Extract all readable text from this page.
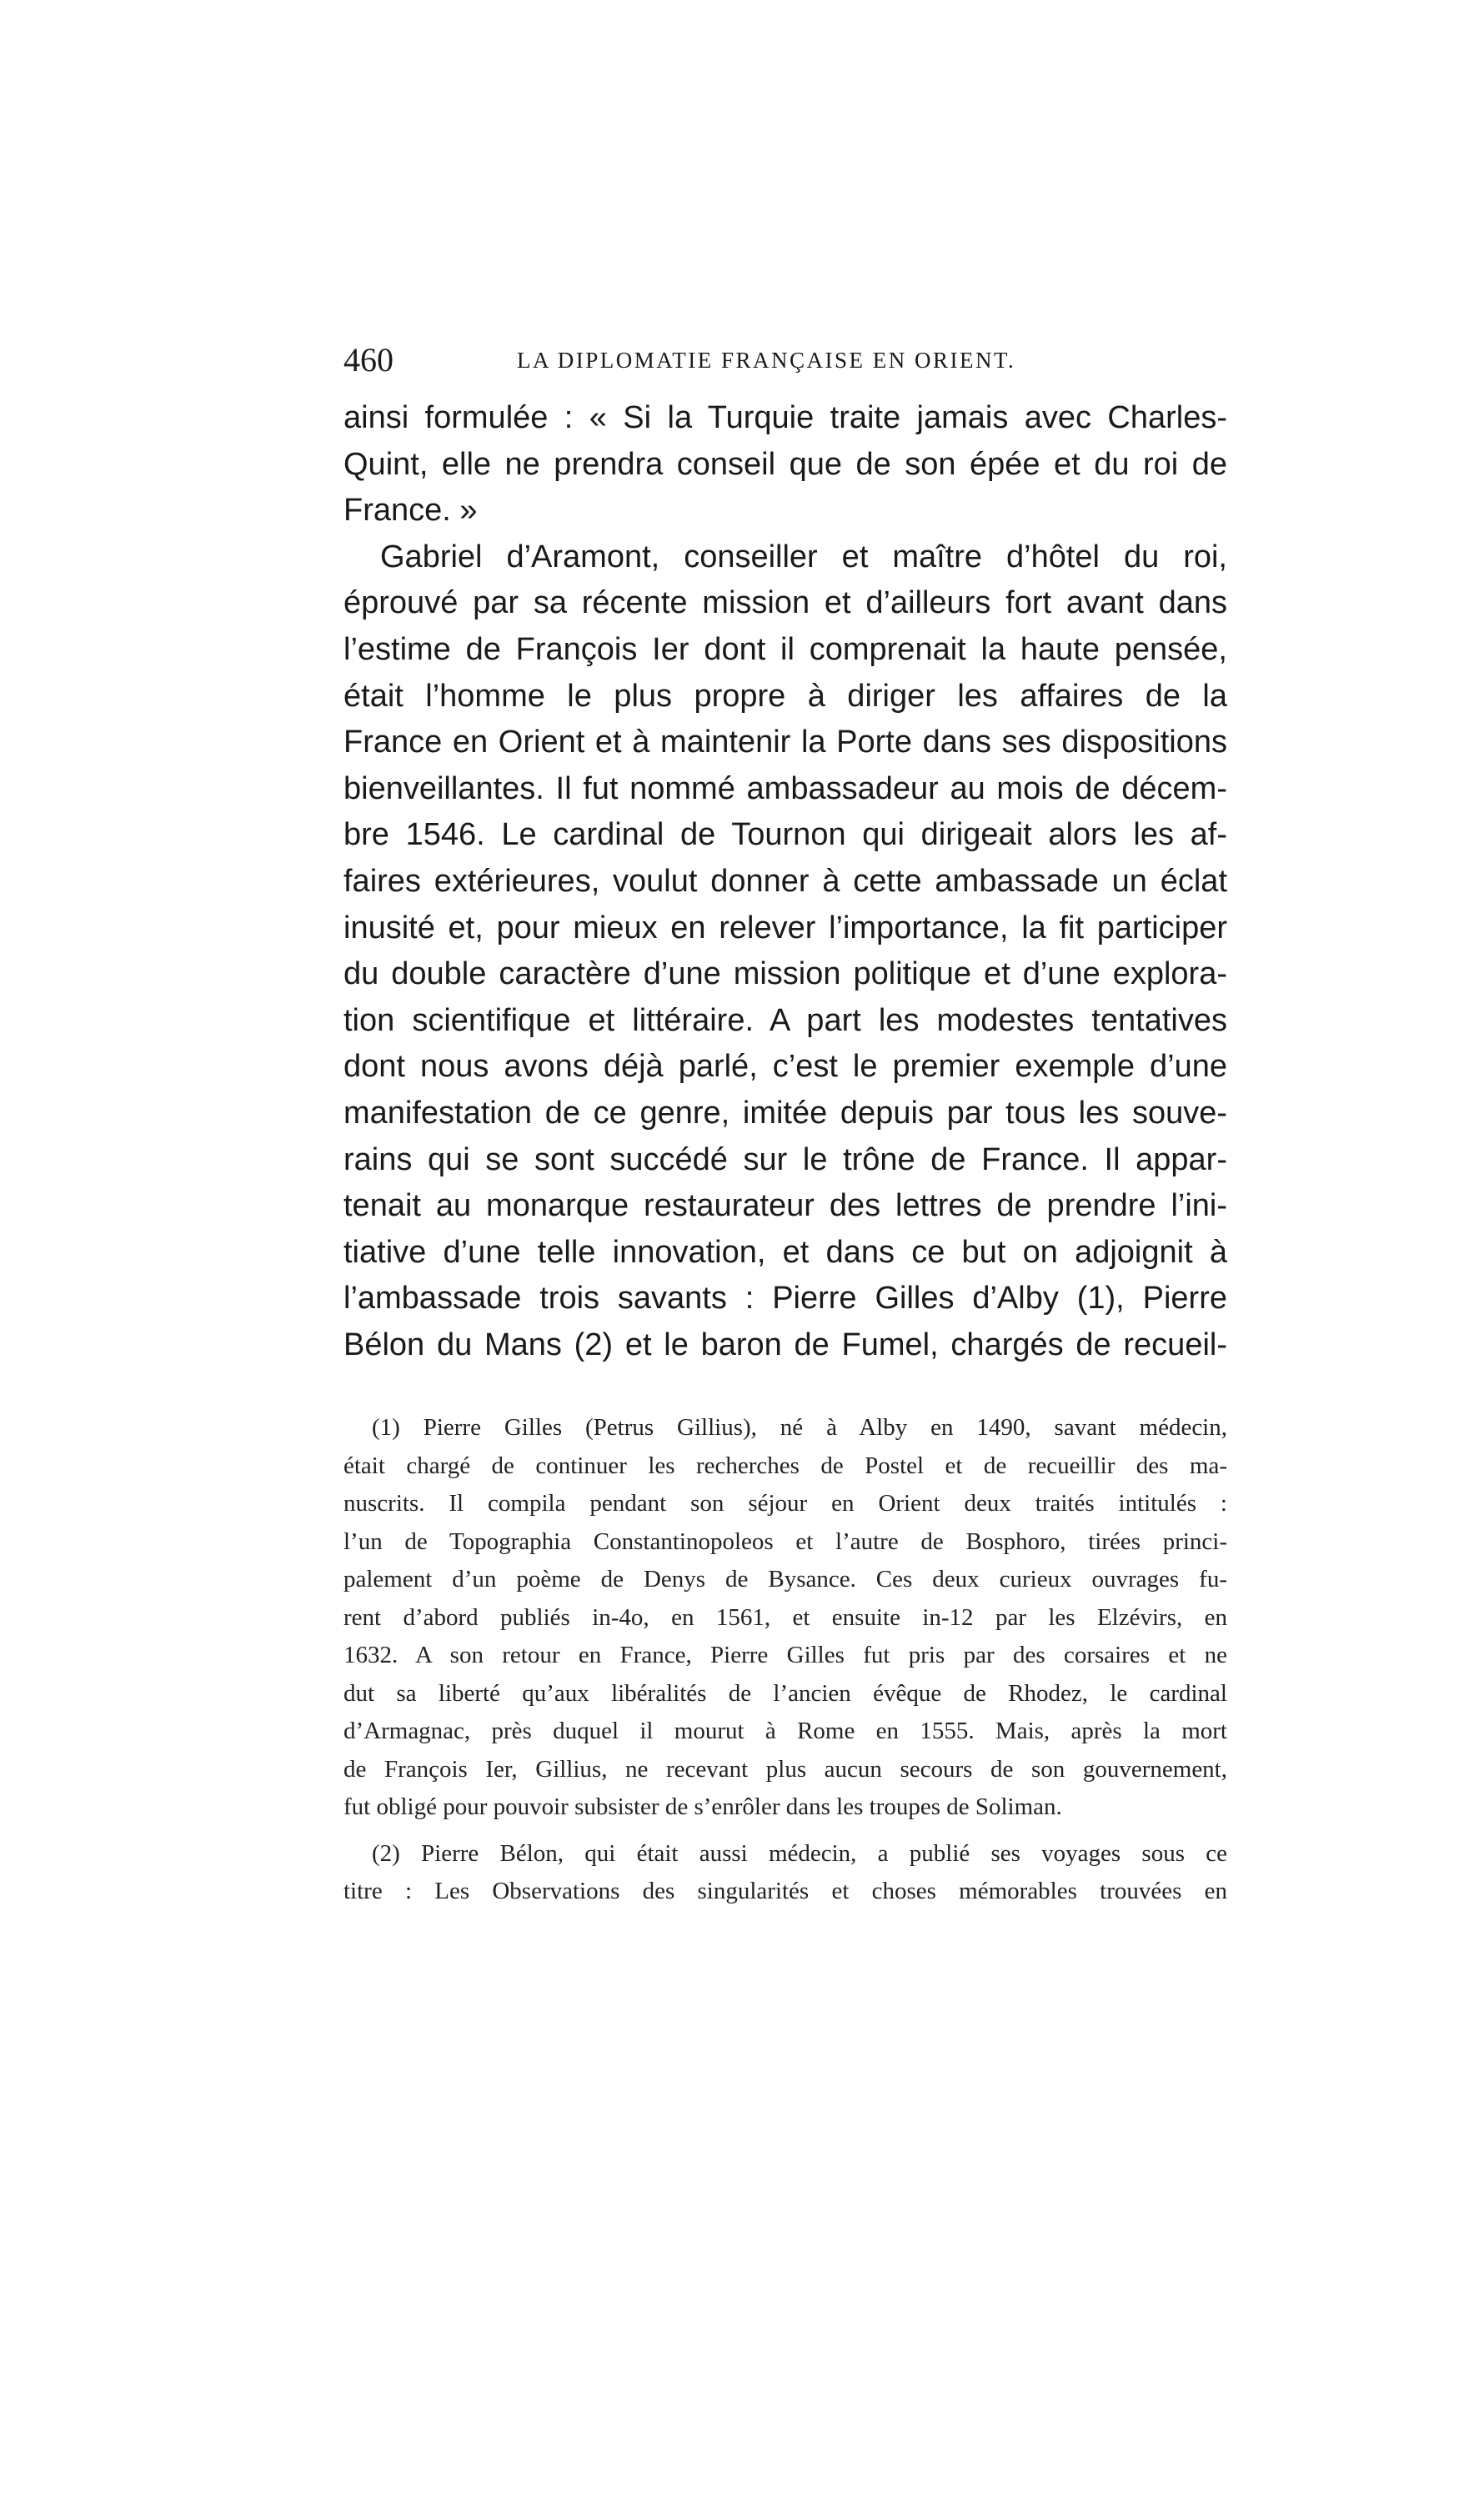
460	LA DIPLOMATIE FRANÇAISE EN ORIENT.
ainsi formulée : « Si la Turquie traite jamais avec Charles-
Quint, elle ne prendra conseil que de son épée et du roi de
France. »
Gabriel d’Aramont, conseiller et maître d’hôtel du roi,
éprouvé par sa récente mission et d’ailleurs fort avant dans
l’estime de François Ier dont il comprenait la haute pensée,
était l’homme le plus propre à diriger les affaires de la
France en Orient et à maintenir la Porte dans ses dispositions
bienveillantes. Il fut nommé ambassadeur au mois de décem-
bre 1546. Le cardinal de Tournon qui dirigeait alors les af-
faires extérieures, voulut donner à cette ambassade un éclat
inusité et, pour mieux en relever l’importance, la fit participer
du double caractère d’une mission politique et d’une explora-
tion scientifique et littéraire. A part les modestes tentatives
dont nous avons déjà parlé, c’est le premier exemple d’une
manifestation de ce genre, imitée depuis par tous les souve-
rains qui se sont succédé sur le trône de France. Il appar-
tenait au monarque restaurateur des lettres de prendre l’ini-
tiative d’une telle innovation, et dans ce but on adjoignit à
l’ambassade trois savants : Pierre Gilles d’Alby (1), Pierre
Bélon du Mans (2) et le baron de Fumel, chargés de recueil-
(1) Pierre Gilles (Petrus Gillius), né à Alby en 1490, savant médecin,
était chargé de continuer les recherches de Postel et de recueillir des ma-
nuscrits. Il compila pendant son séjour en Orient deux traités intitulés :
l’un de Topographia Constantinopoleos et l’autre de Bosphoro, tirées princi-
palement d’un poème de Denys de Bysance. Ces deux curieux ouvrages fu-
rent d’abord publiés in-4o, en 1561, et ensuite in-12 par les Elzévirs, en
1632. A son retour en France, Pierre Gilles fut pris par des corsaires et ne
dut sa liberté qu’aux libéralités de l’ancien évêque de Rhodez, le cardinal
d’Armagnac, près duquel il mourut à Rome en 1555. Mais, après la mort
de François Ier, Gillius, ne recevant plus aucun secours de son gouvernement,
fut obligé pour pouvoir subsister de s’enrôler dans les troupes de Soliman.
(2) Pierre Bélon, qui était aussi médecin, a publié ses voyages sous ce
titre : Les Observations des singularités et choses mémorables trouvées en
